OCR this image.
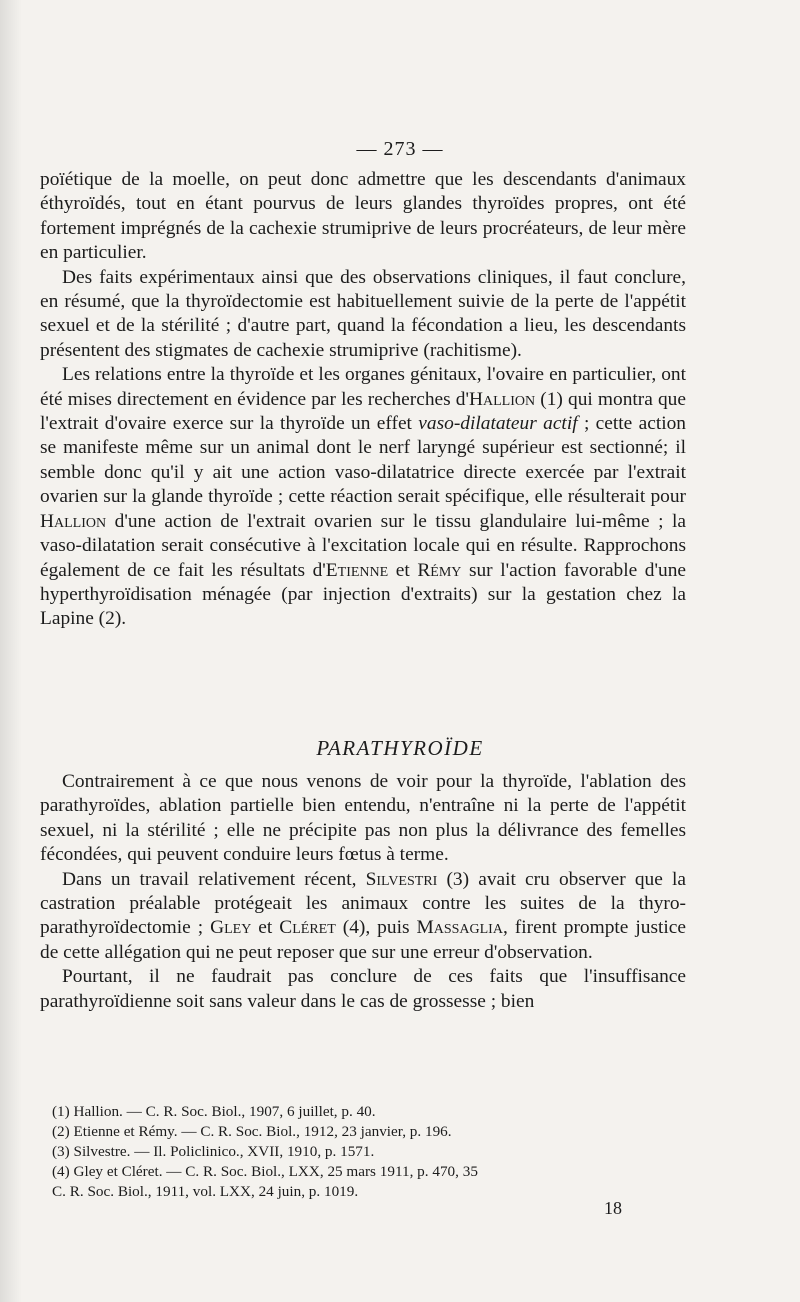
— 273 —

poïétique de la moelle, on peut donc admettre que les descendants d'animaux éthyroïdés, tout en étant pourvus de leurs glandes thyroïdes propres, ont été fortement imprégnés de la cachexie strumiprive de leurs procréateurs, de leur mère en particulier.

Des faits expérimentaux ainsi que des observations cliniques, il faut conclure, en résumé, que la thyroïdectomie est habituellement suivie de la perte de l'appétit sexuel et de la stérilité ; d'autre part, quand la fécondation a lieu, les descendants présentent des stigmates de cachexie strumiprive (rachitisme).

Les relations entre la thyroïde et les organes génitaux, l'ovaire en particulier, ont été mises directement en évidence par les recherches d'Hallion (1) qui montra que l'extrait d'ovaire exerce sur la thyroïde un effet vaso-dilatateur actif ; cette action se manifeste même sur un animal dont le nerf laryngé supérieur est sectionné; il semble donc qu'il y ait une action vaso-dilatatrice directe exercée par l'extrait ovarien sur la glande thyroïde ; cette réaction serait spécifique, elle résulterait pour Hallion d'une action de l'extrait ovarien sur le tissu glandulaire lui-même ; la vaso-dilatation serait consécutive à l'excitation locale qui en résulte. Rapprochons également de ce fait les résultats d'Etienne et Rémy sur l'action favorable d'une hyperthyroïdisation ménagée (par injection d'extraits) sur la gestation chez la Lapine (2).

PARATHYROÏDE

Contrairement à ce que nous venons de voir pour la thyroïde, l'ablation des parathyroïdes, ablation partielle bien entendu, n'entraîne ni la perte de l'appétit sexuel, ni la stérilité ; elle ne précipite pas non plus la délivrance des femelles fécondées, qui peuvent conduire leurs fœtus à terme.

Dans un travail relativement récent, Silvestri (3) avait cru observer que la castration préalable protégeait les animaux contre les suites de la thyro-parathyroïdectomie ; Gley et Cléret (4), puis Massaglia, firent prompte justice de cette allégation qui ne peut reposer que sur une erreur d'observation.

Pourtant, il ne faudrait pas conclure de ces faits que l'insuffisance parathyroïdienne soit sans valeur dans le cas de grossesse ; bien

(1) Hallion. — C. R. Soc. Biol., 1907, 6 juillet, p. 40.
(2) Etienne et Rémy. — C. R. Soc. Biol., 1912, 23 janvier, p. 196.
(3) Silvestre. — Il. Policlinico., XVII, 1910, p. 1571.
(4) Gley et Cléret. — C. R. Soc. Biol., LXX, 25 mars 1911, p. 470, 35
C. R. Soc. Biol., 1911, vol. LXX, 24 juin, p. 1019.
18
